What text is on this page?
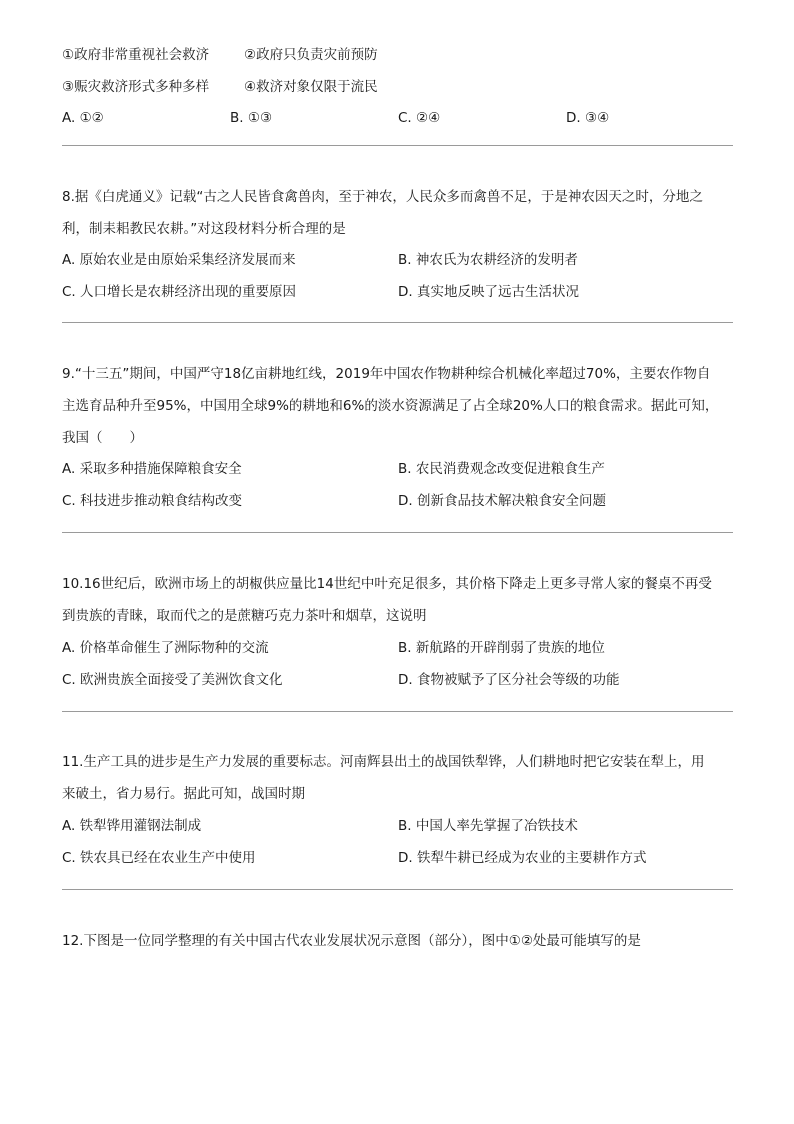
①政府非常重视社会救济	②政府只负责灾前预防
③赈灾救济形式多种多样	④救济对象仅限于流民
A. ①②	B. ①③	C. ②④	D. ③④
8.据《白虎通义》记载“古之人民皆食禽兽肉，至于神农，人民众多而禽兽不足，于是神农因天之时，分地之
利，制耒耜教民农耕。”对这段材料分析合理的是
A. 原始农业是由原始采集经济发展而来	B. 神农氏为农耕经济的发明者
C. 人口增长是农耕经济出现的重要原因	D. 真实地反映了远古生活状况
9.“十三五”期间，中国严守18亿亩耕地红线，2019年中国农作物耕种综合机械化率超过70%，主要农作物自
主选育品种升至95%，中国用全球9%的耕地和6%的淡水资源满足了占全球20%人口的粮食需求。据此可知，
我国（　　）
A. 采取多种措施保障粮食安全	B. 农民消费观念改变促进粮食生产
C. 科技进步推动粮食结构改变	D. 创新食品技术解决粮食安全问题
10.16世纪后，欧洲市场上的胡椒供应量比14世纪中叶充足很多，其价格下降走上更多寻常人家的餐桌不再受
到贵族的青睐，取而代之的是蔗糖巧克力茶叶和烟草，这说明
A. 价格革命催生了洲际物种的交流	B. 新航路的开辟削弱了贵族的地位
C. 欧洲贵族全面接受了美洲饮食文化	D. 食物被赋予了区分社会等级的功能
11.生产工具的进步是生产力发展的重要标志。河南辉县出土的战国铁犁铧，人们耕地时把它安装在犁上，用
来破土，省力易行。据此可知，战国时期
A. 铁犁铧用灌钢法制成	B. 中国人率先掌握了冶铁技术
C. 铁农具已经在农业生产中使用	D. 铁犁牛耕已经成为农业的主要耕作方式
12.下图是一位同学整理的有关中国古代农业发展状况示意图（部分），图中①②处最可能填写的是
